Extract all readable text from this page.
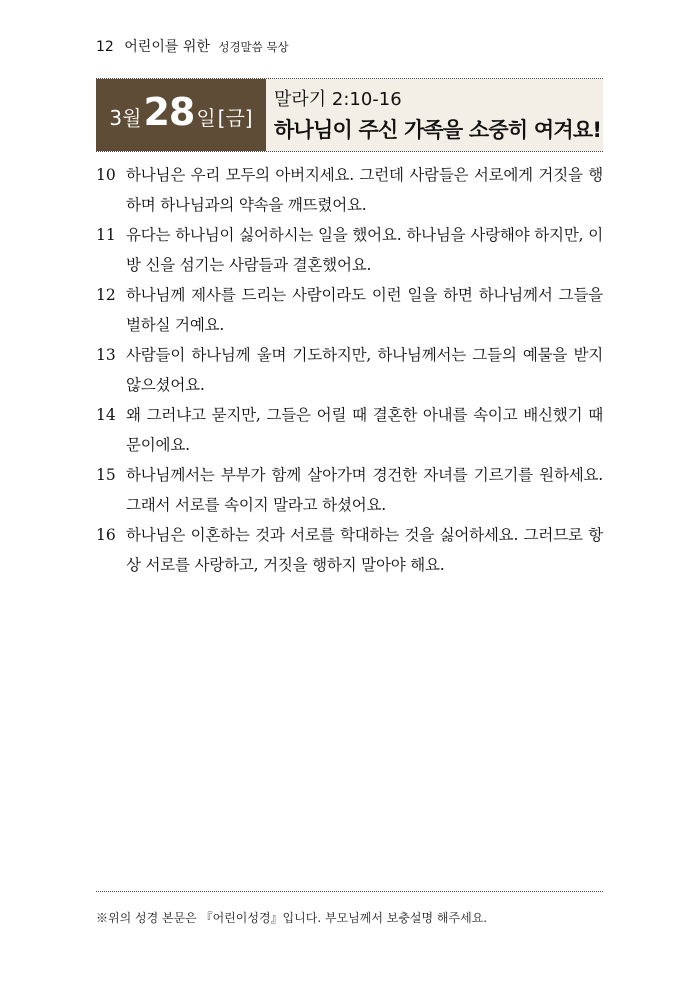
12 어린이를 위한 성경말씀 묵상
3월 28 일 [금]
말라기 2:10-16
하나님이 주신 가족을 소중히 여겨요!
10 하나님은 우리 모두의 아버지세요. 그런데 사람들은 서로에게 거짓을 행하며 하나님과의 약속을 깨뜨렸어요.
11 유다는 하나님이 싫어하시는 일을 했어요. 하나님을 사랑해야 하지만, 이방 신을 섬기는 사람들과 결혼했어요.
12 하나님께 제사를 드리는 사람이라도 이런 일을 하면 하나님께서 그들을 벌하실 거예요.
13 사람들이 하나님께 울며 기도하지만, 하나님께서는 그들의 예물을 받지 않으셨어요.
14 왜 그러냐고 묻지만, 그들은 어릴 때 결혼한 아내를 속이고 배신했기 때문이에요.
15 하나님께서는 부부가 함께 살아가며 경건한 자녀를 기르기를 원하세요. 그래서 서로를 속이지 말라고 하셨어요.
16 하나님은 이혼하는 것과 서로를 학대하는 것을 싫어하세요. 그러므로 항상 서로를 사랑하고, 거짓을 행하지 말아야 해요.
※위의 성경 본문은 『어린이성경』입니다. 부모님께서 보충설명 해주세요.
